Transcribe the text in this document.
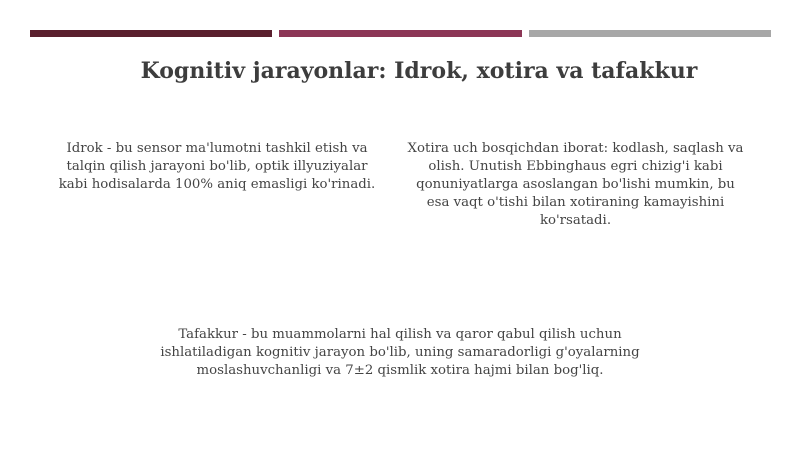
Kognitiv jarayonlar: Idrok, xotira va tafakkur

Idrok - bu sensor ma'lumotni tashkil etish va talqin qilish jarayoni bo'lib, optik illyuziyalar kabi hodisalarda 100% aniq emasligi ko'rinadi.

Xotira uch bosqichdan iborat: kodlash, saqlash va olish. Unutish Ebbinghaus egri chizig'i kabi qonuniyatlarga asoslangan bo'lishi mumkin, bu esa vaqt o'tishi bilan xotiraning kamayishini ko'rsatadi.

Tafakkur - bu muammolarni hal qilish va qaror qabul qilish uchun ishlatiladigan kognitiv jarayon bo'lib, uning samaradorligi g'oyalarning moslashuvchanligi va 7±2 qismlik xotira hajmi bilan bog'liq.
